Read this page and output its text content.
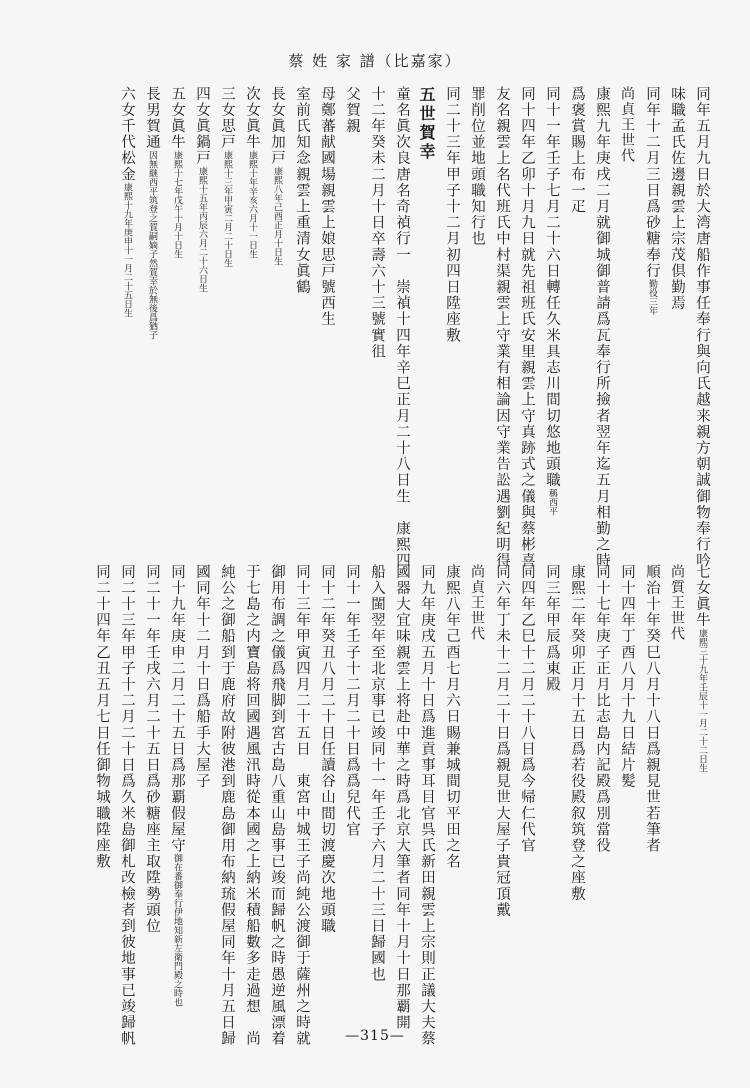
蔡 姓 家 譜（比嘉家）
同年五月九日於大湾唐船作事任奉行與向氏越来親方朝誠御物奉行吟
味職孟氏佐邊親雲上宗茂倶勤焉
同年十二月三日爲砂糖奉行勤役三年
尚貞王世代
康熙九年庚戌二月就御城御普請爲瓦奉行所撿者翌年迄五月相勤之時
爲褒賞賜上布一疋
同十一年壬子七月二十六日轉任久米具志川間切悠地頭職稱西平
同十四年乙卯十月九日就先祖班氏安里親雲上守真跡式之儀與蔡彬喜
友名親雲上名代班氏中村渠親雲上守業有相論因守業告訟遇劉紀明得
罪削位並地頭職知行也
同二十三年甲子十二月初四日陞座敷
五世賀幸
童名眞次良唐名奇禎行一　崇禎十四年辛巳正月二十八日生　康熙四
十二年癸未二月十日卒壽六十三號實徂
父賀親
母鄭蕃献國場親雲上娘思戸號西生
室前氏知念親雲上重清女眞鶴
長女眞加戸康熙八年己酉正月十日生
次女眞牛康熙十年辛亥六月十一日生
三女思戸康熙十三年甲寅二月二十日生
四女眞鍋戸康熙十五年丙辰六月二十六日生
五女眞牛康熙十七年戊午十月十日生
長男賀通因無継西平筑登之賀嗣嫡子然賀幸於無後爲猶子
六女千代松金康熙十九年庚申十一月二十五日生
七女眞牛康熙三十九年壬辰十一月二十二日生
尚質王世代
順治十年癸巳八月十八日爲親見世若筆者
同十四年丁酉八月十九日結片髪
同十七年庚子正月比志島内記殿爲別當役
康熙二年癸卯正月十五日爲若役殿叙筑登之座敷
同三年甲辰爲東殿
同四年乙巳十二月二十八日爲今帰仁代官
同六年丁未十二月二十日爲親見世大屋子貴冠頂戴
尚貞王世代
康熙八年己酉七月六日賜兼城間切平田之名
同九年庚戌五月十日爲進貢事耳目官呉氏新田親雲上宗則正議大夫蔡
國器大宜味親雲上将赴中華之時爲北京大筆者同年十月十日那覇開
船入閩翌年至北京事已竣同十一年壬子六月二十三日歸國也
同十一年壬子十二月二十日爲爲兒代官
同十二年癸丑八月二十日任讀谷山間切渡慶次地頭職
同十三年甲寅四月二十五日　東宮中城王子尚純公渡御于薩州之時就
御用布調之儀爲飛脚到宮古島八重山島事已竣而歸帆之時愚逆風漂着
于七島之内寶島将回國遇風汛時從本國之上納米積船數多走過想　尚
純公之御船到于鹿府故附彼港到鹿島御用布納琉假屋同年十月五日歸
國同年十二月十日爲船手大屋子
同十九年庚申二月二十五日爲那覇假屋守御在番御奉行伊地知新左衛門殿之時也
同二十一年壬戌六月二十五日爲砂糖座主取陞勢頭位
同二十三年甲子十二月二十日爲久米島御札改檢者到彼地事已竣歸帆
同二十四年乙丑五月七日任御物城職陞座敷
—315—
